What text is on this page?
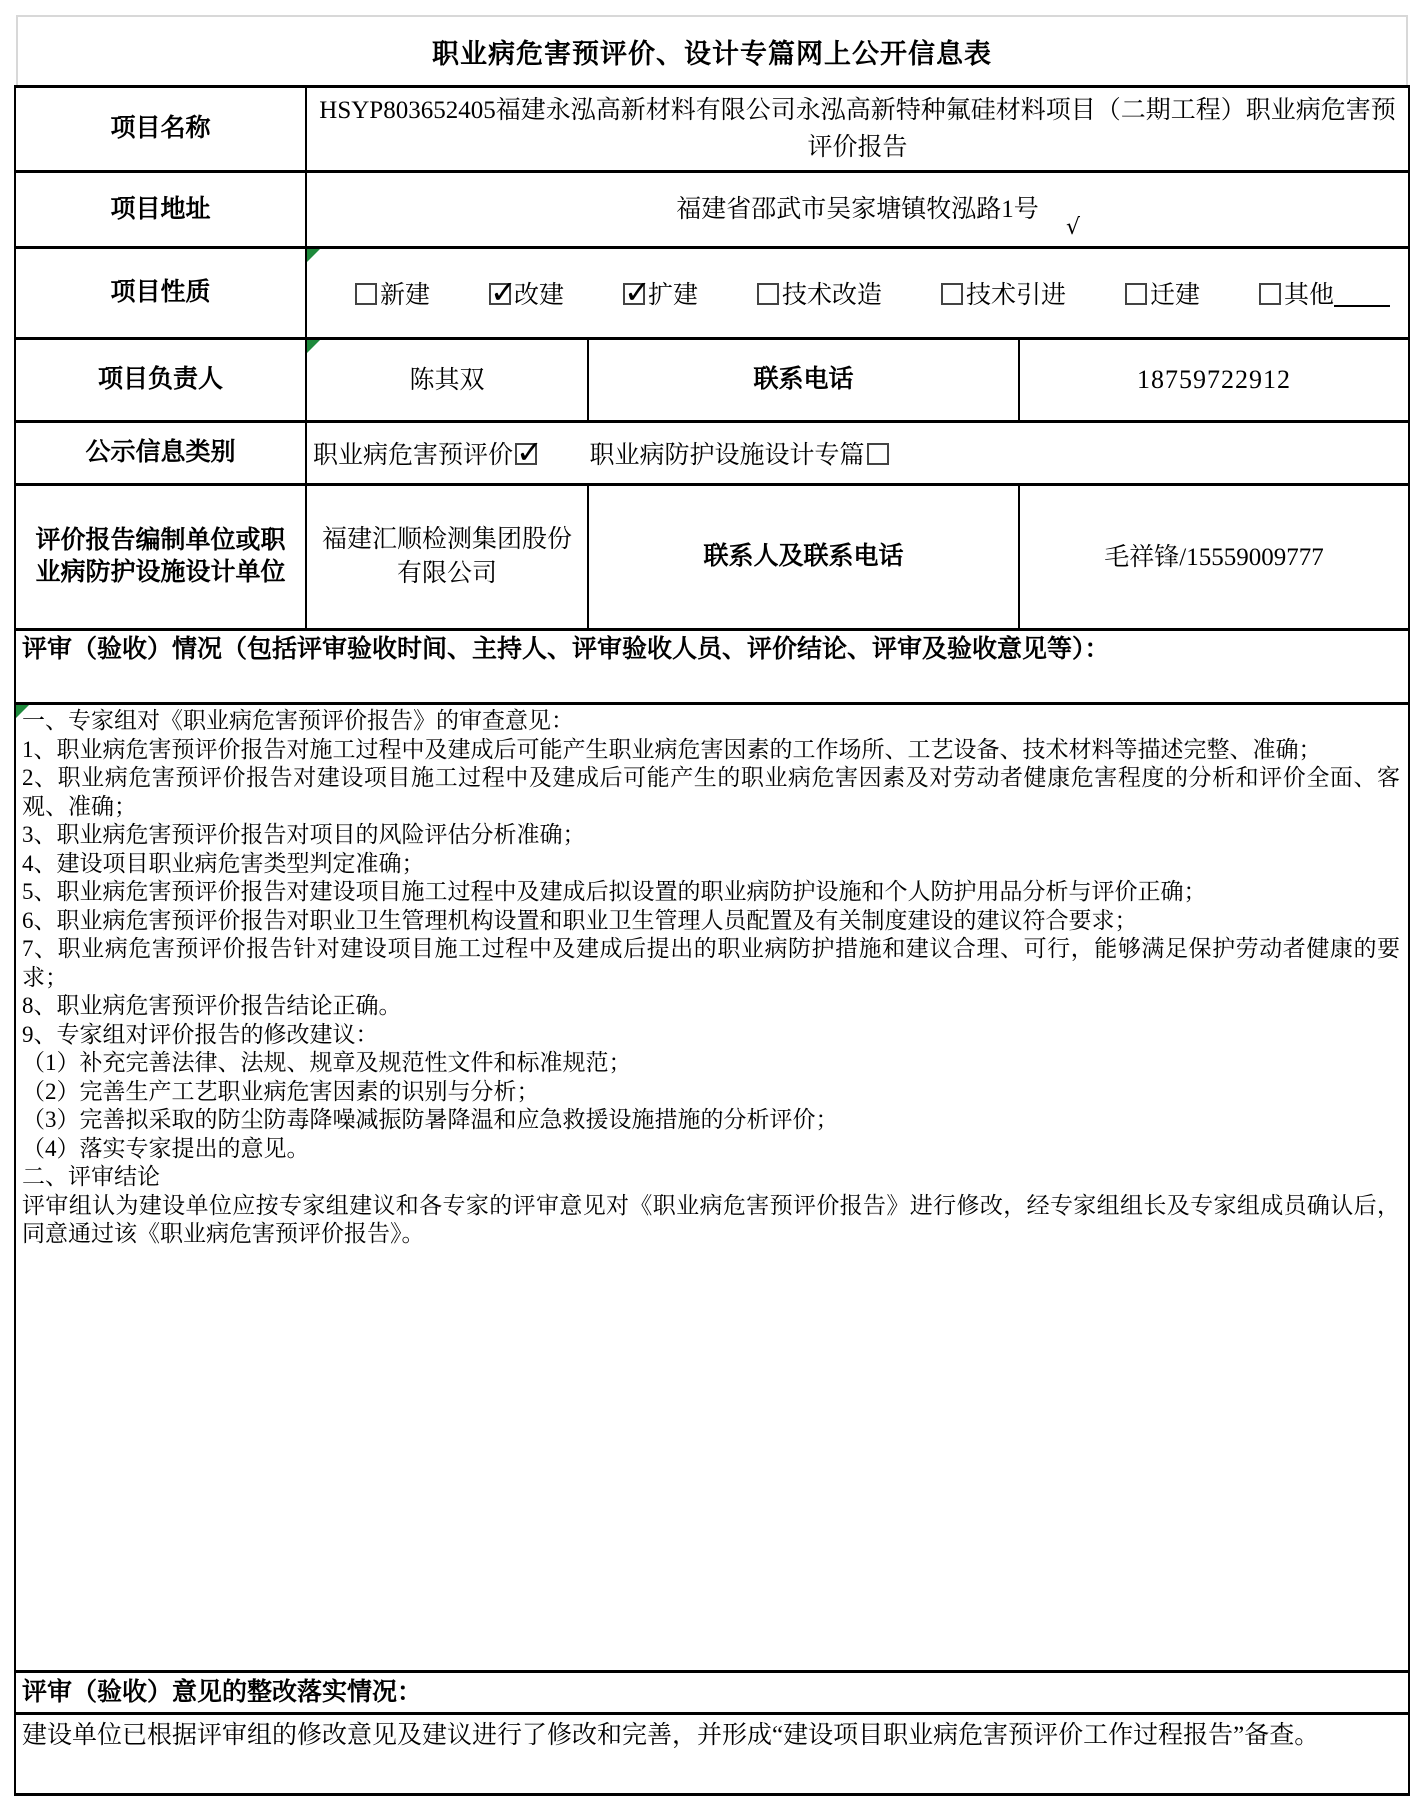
职业病危害预评价、设计专篇网上公开信息表
项目名称	HSYP803652405福建永泓高新材料有限公司永泓高新特种氟硅材料项目（二期工程）职业病危害预评价报告		
项目地址	福建省邵武市吴家塘镇牧泓路1号
√		

项目性质	新建 ✓	改建 ✓	扩建	技术改造	技术引进	迁建	其他

项目负责人	陈其双	联系电话	18759722912
公示信息类别	职业病危害预评价 ✓ 职业病防护设施设计专篇
评价报告编制单位或职业病防护设施设计单位	福建汇顺检测集团股份有限公司	联系人及联系电话	毛祥锋/15559009777

评审（验收）情况（包括评审验收时间、主持人、评审验收人员、评价结论、评审及验收意见等）：			

一、专家组对《职业病危害预评价报告》的审查意见：
1、职业病危害预评价报告对施工过程中及建成后可能产生职业病危害因素的工作场所、工艺设备、技术材料等描述完整、准确；
2、职业病危害预评价报告对建设项目施工过程中及建成后可能产生的职业病危害因素及对劳动者健康危害程度的分析和评价全面、客观、准确；
3、职业病危害预评价报告对项目的风险评估分析准确；
4、建设项目职业病危害类型判定准确；
5、职业病危害预评价报告对建设项目施工过程中及建成后拟设置的职业病防护设施和个人防护用品分析与评价正确；
6、职业病危害预评价报告对职业卫生管理机构设置和职业卫生管理人员配置及有关制度建设的建议符合要求；
7、职业病危害预评价报告针对建设项目施工过程中及建成后提出的职业病防护措施和建议合理、可行，能够满足保护劳动者健康的要求；
8、职业病危害预评价报告结论正确。
9、专家组对评价报告的修改建议：
（1）补充完善法律、法规、规章及规范性文件和标准规范；
（2）完善生产工艺职业病危害因素的识别与分析；
（3）完善拟采取的防尘防毒降噪减振防暑降温和应急救援设施措施的分析评价；
（4）落实专家提出的意见。
二、评审结论
评审组认为建设单位应按专家组建议和各专家的评审意见对《职业病危害预评价报告》进行修改，经专家组组长及专家组成员确认后，同意通过该《职业病危害预评价报告》。

评审（验收）意见的整改落实情况：			

建设单位已根据评审组的修改意见及建议进行了修改和完善，并形成“建设项目职业病危害预评价工作过程报告”备查。			
